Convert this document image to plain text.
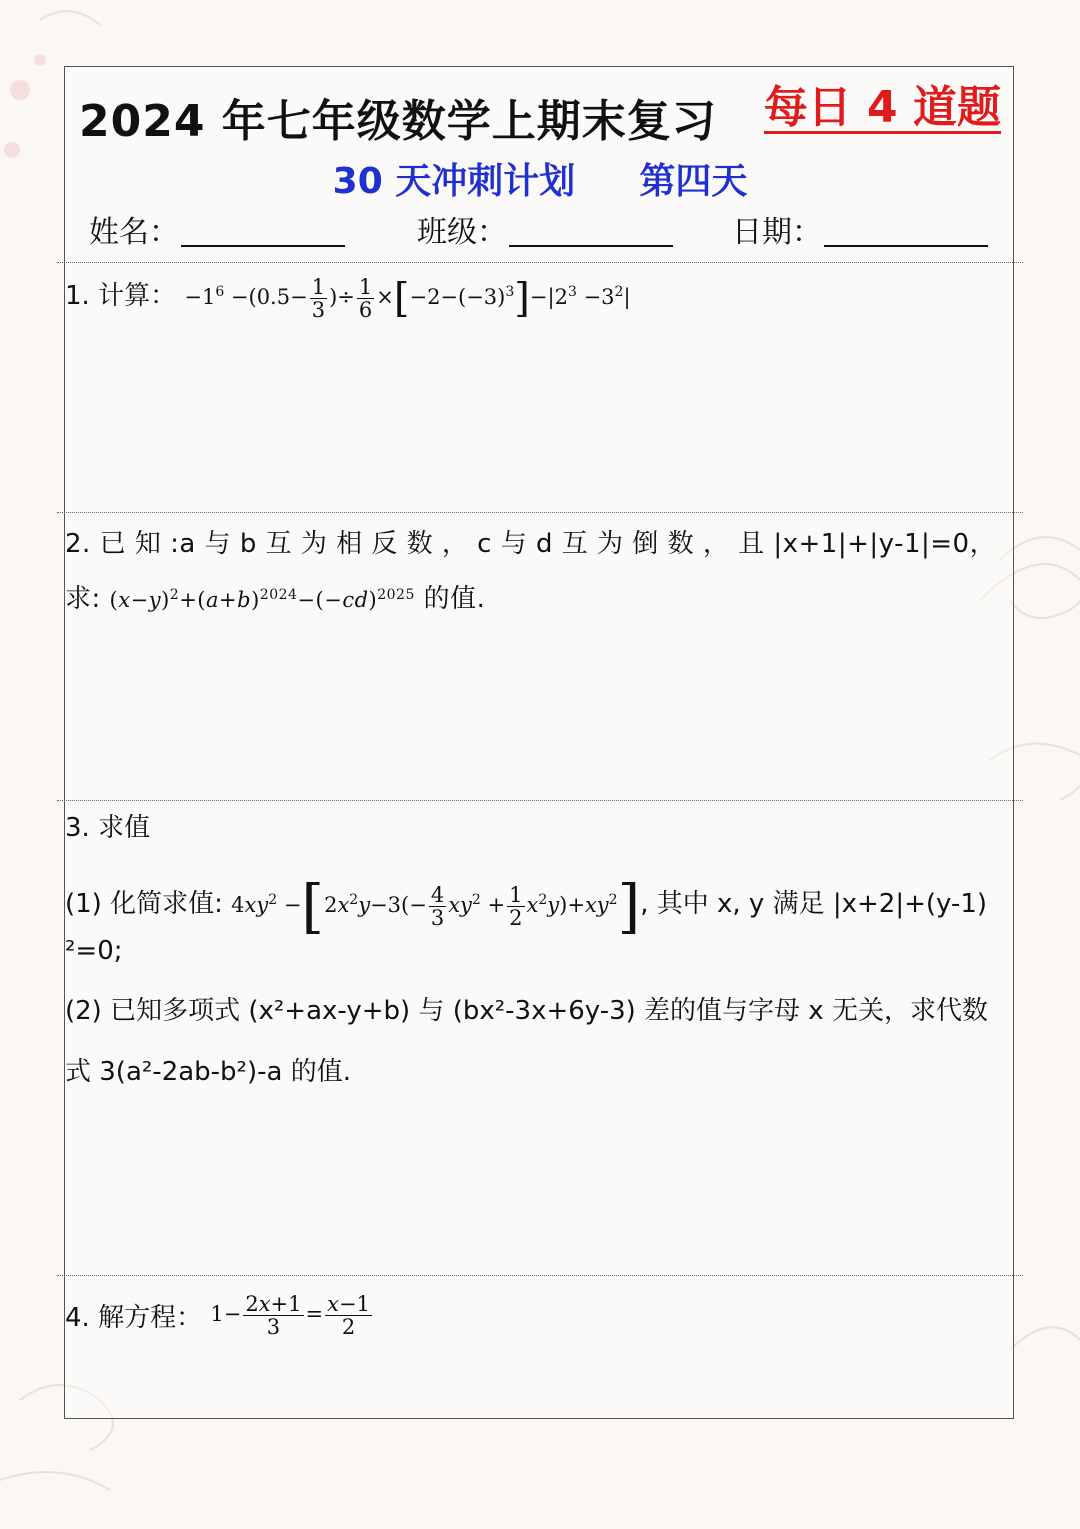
2024 年七年级数学上期末复习 每日 4 道题
30 天冲刺计划 第四天
姓名：	班级：	日期：
1. 计算： $-1^6 -(0.5- \frac{1}{3}$ )÷ $\frac{1}{6} \times[-2-(-3)^3]-|2^3 -3^2|$
2. 已 知 :a 与 b 互 为 相 反 数 ， c 与 d 互 为 倒 数 ， 且 |x+1|+|y-1|=0，
求: $(x-y)^2+(a+b)^{2024}-(-cd)^{2025}$ 的值.
3. 求值
(1) 化简求值: $4xy^2 -[2x^2y-3(- \frac{4}{3} xy^2 + \frac{1}{2} x^2y)+xy^2]$, 其中 x, y 满足 |x+2|+(y-1)
²=0;
(2) 已知多项式 (x²+ax-y+b) 与 (bx²-3x+6y-3) 差的值与字母 x 无关，求代数
式 3(a²-2ab-b²)-a 的值.
4. 解方程： $1- \frac{2x+1}{3} = \frac{x-1}{2}$
